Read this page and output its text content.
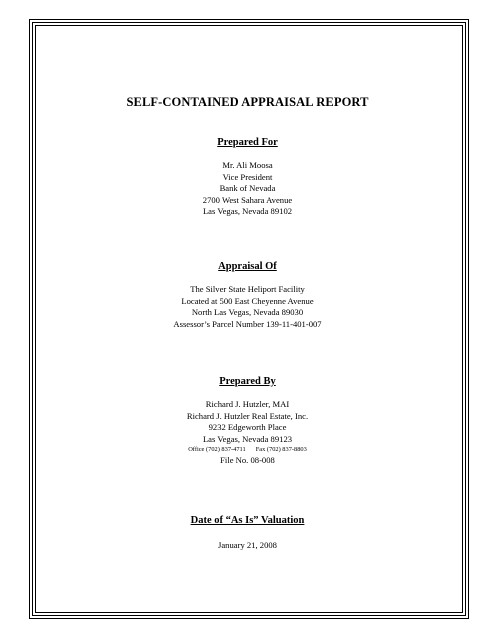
SELF-CONTAINED APPRAISAL REPORT
Prepared For
Mr. Ali Moosa
Vice President
Bank of Nevada
2700 West Sahara Avenue
Las Vegas, Nevada 89102
Appraisal Of
The Silver State Heliport Facility
Located at 500 East Cheyenne Avenue
North Las Vegas, Nevada 89030
Assessor’s Parcel Number 139-11-401-007
Prepared By
Richard J. Hutzler, MAI
Richard J. Hutzler Real Estate, Inc.
9232 Edgeworth Place
Las Vegas, Nevada 89123
Office (702) 837-4711 Fax (702) 837-8803
File No. 08-008
Date of “As Is” Valuation
January 21, 2008
